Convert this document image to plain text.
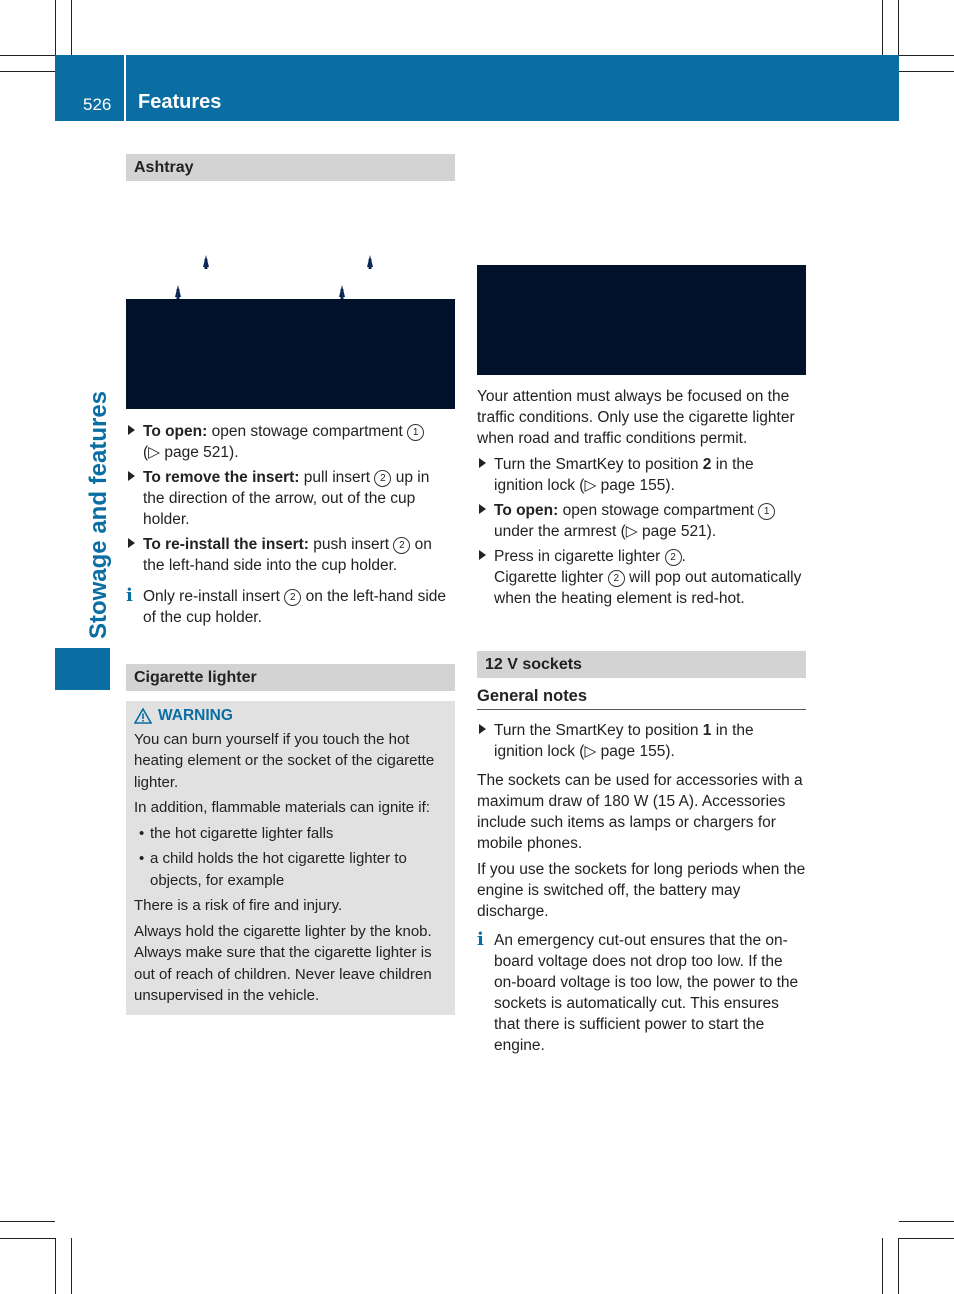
526 Features
Stowage and features
Ashtray
To open: open stowage compartment 1
(▷ page 521).
To remove the insert: pull insert 2 up in the direction of the arrow, out of the cup holder.
To re-install the insert: push insert 2 on the left-hand side into the cup holder.
i Only re-install insert 2 on the left-hand side of the cup holder.
Cigarette lighter
WARNING

You can burn yourself if you touch the hot heating element or the socket of the cigarette lighter.

In addition, flammable materials can ignite if:

• the hot cigarette lighter falls
• a child holds the hot cigarette lighter to objects, for example

There is a risk of fire and injury.

Always hold the cigarette lighter by the knob. Always make sure that the cigarette lighter is out of reach of children. Never leave children unsupervised in the vehicle.

Your attention must always be focused on the traffic conditions. Only use the cigarette lighter when road and traffic conditions permit.

Turn the SmartKey to position 2 in the ignition lock (▷ page 155).
To open: open stowage compartment 1 under the armrest (▷ page 521).
Press in cigarette lighter 2 .
Cigarette lighter 2 will pop out automatically when the heating element is red-hot.
12 V sockets
General notes
Turn the SmartKey to position 1 in the ignition lock (▷ page 155).

The sockets can be used for accessories with a maximum draw of 180 W (15 A). Accessories include such items as lamps or chargers for mobile phones.

If you use the sockets for long periods when the engine is switched off, the battery may discharge.

i An emergency cut-out ensures that the on-board voltage does not drop too low. If the on-board voltage is too low, the power to the sockets is automatically cut. This ensures that there is sufficient power to start the engine.
